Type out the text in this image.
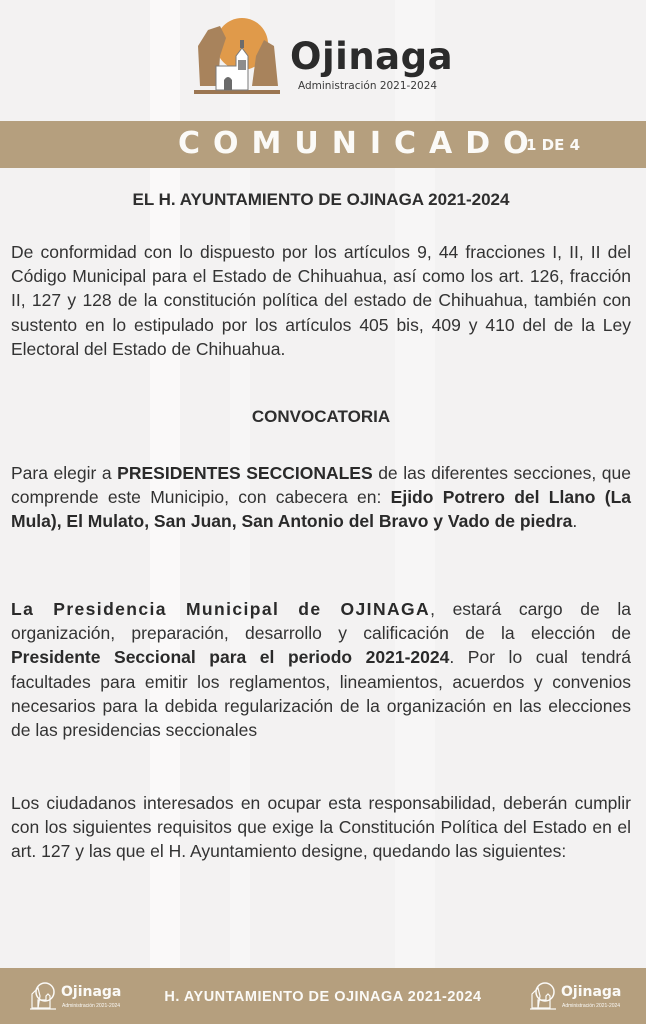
Ojinaga
Administración 2021-2024
COMUNICADO
1 DE 4

EL H. AYUNTAMIENTO DE OJINAGA 2021-2024

De conformidad con lo dispuesto por los artículos 9, 44 fracciones I, II, II del Código Municipal para el Estado de Chihuahua, así como los art. 126, fracción II, 127 y 128 de la constitución política del estado de Chihuahua, también con sustento en lo estipulado por los artículos 405 bis, 409 y 410 del de la Ley Electoral del Estado de Chihuahua.

CONVOCATORIA

Para elegir a PRESIDENTES SECCIONALES de las diferentes secciones, que comprende este Municipio, con cabecera en: Ejido Potrero del Llano (La Mula), El Mulato, San Juan, San Antonio del Bravo y Vado de piedra.

La Presidencia Municipal de OJINAGA, estará cargo de la organización, preparación, desarrollo y calificación de la elección de Presidente Seccional para el periodo 2021-2024. Por lo cual tendrá facultades para emitir los reglamentos, lineamientos, acuerdos y convenios necesarios para la debida regularización de la organización en las elecciones de las presidencias seccionales

Los ciudadanos interesados en ocupar esta responsabilidad, deberán cumplir con los siguientes requisitos que exige la Constitución Política del Estado en el art. 127 y las que el H. Ayuntamiento designe, quedando las siguientes:

Ojinaga
Administración 2021-2024
H. AYUNTAMIENTO DE OJINAGA 2021-2024	Ojinaga
Administración 2021-2024
